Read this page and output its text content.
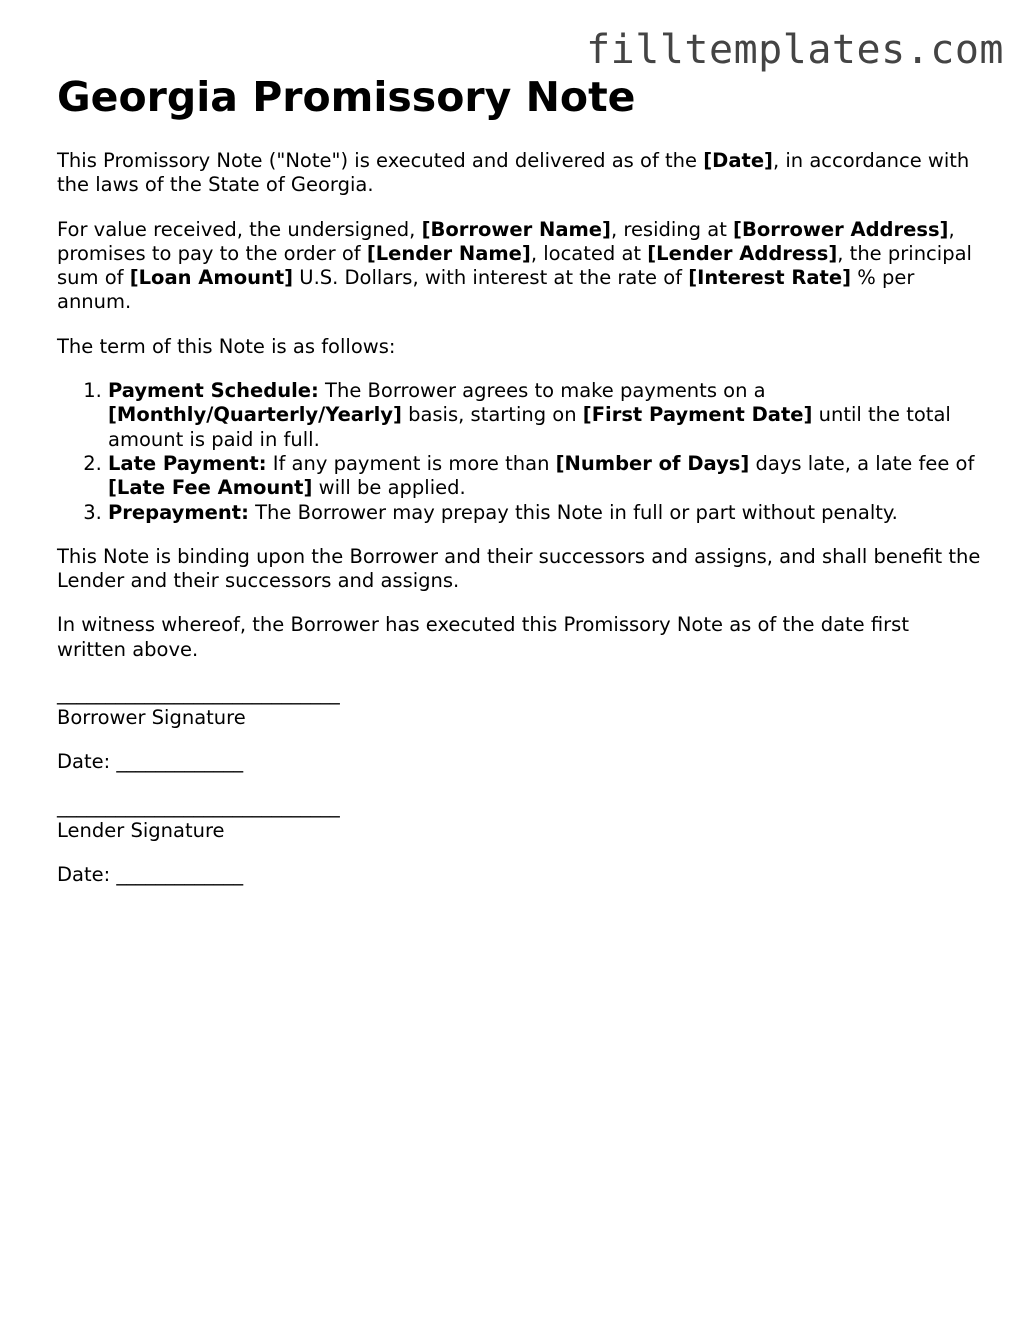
filltemplates.com
Georgia Promissory Note

This Promissory Note ("Note") is executed and delivered as of the [Date], in accordance with the laws of the State of Georgia.

For value received, the undersigned, [Borrower Name], residing at [Borrower Address], promises to pay to the order of [Lender Name], located at [Lender Address], the principal sum of [Loan Amount] U.S. Dollars, with interest at the rate of [Interest Rate] % per annum.

The term of this Note is as follows:

1. Payment Schedule: The Borrower agrees to make payments on a [Monthly/Quarterly/Yearly] basis, starting on [First Payment Date] until the total amount is paid in full.
2. Late Payment: If any payment is more than [Number of Days] days late, a late fee of [Late Fee Amount] will be applied.
3. Prepayment: The Borrower may prepay this Note in full or part without penalty.

This Note is binding upon the Borrower and their successors and assigns, and shall benefit the Lender and their successors and assigns.

In witness whereof, the Borrower has executed this Promissory Note as of the date first written above.

_____________________________
Borrower Signature
Date: _____________
_____________________________
Lender Signature
Date: _____________
